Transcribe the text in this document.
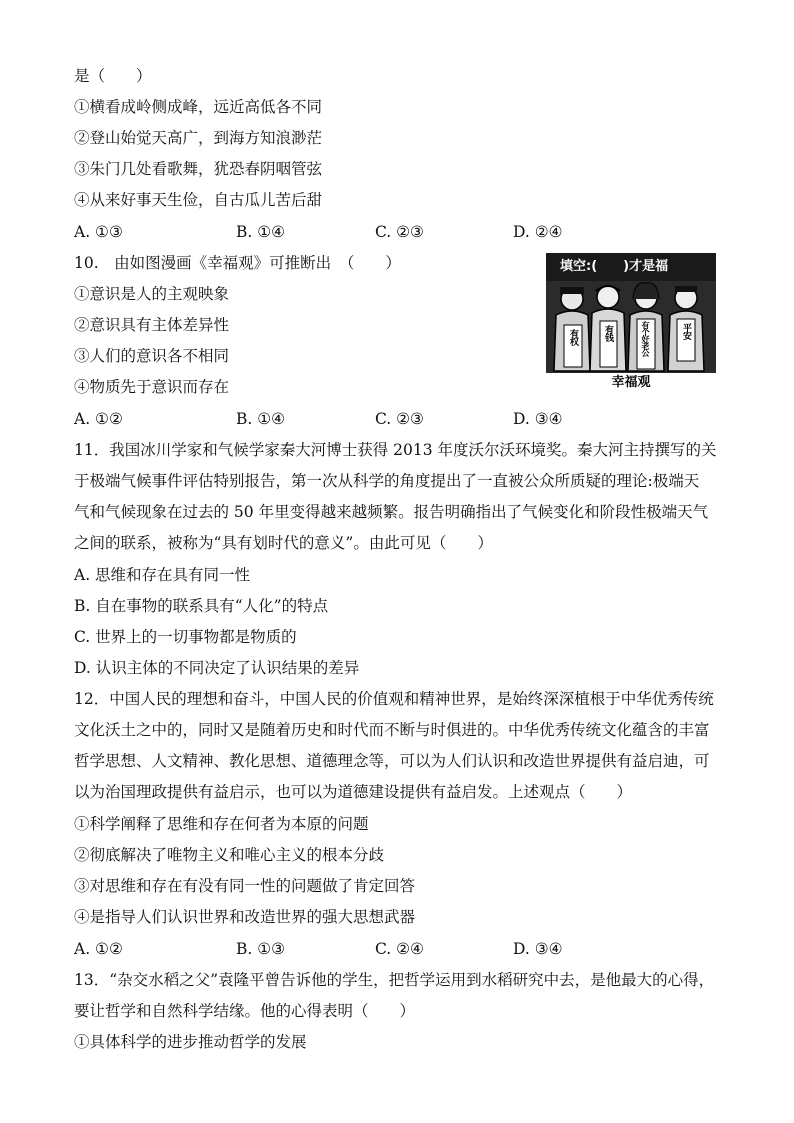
是（　　）
①横看成岭侧成峰，远近高低各不同
②登山始觉天高广，到海方知浪渺茫
③朱门几处看歌舞，犹恐春阴咽管弦
④从来好事天生俭，自古瓜儿苦后甜
A. ①③	B. ①④	C. ②③	D. ②④
10.　由如图漫画《幸福观》可推断出　（　　）
①意识是人的主观映象
②意识具有主体差异性
③人们的意识各不相同
④物质先于意识而存在
A. ①②	B. ①④	C. ②③	D. ③④
填空:(　　)才是福
有权	有钱	有个好老公	平安
幸福观
11．我国冰川学家和气候学家秦大河博士获得 2013 年度沃尔沃环境奖。秦大河主持撰写的关
于极端气候事件评估特别报告，第一次从科学的角度提出了一直被公众所质疑的理论:极端天
气和气候现象在过去的 50 年里变得越来越频繁。报告明确指出了气候变化和阶段性极端天气
之间的联系，被称为“具有划时代的意义”。由此可见（　　）
A. 思维和存在具有同一性
B. 自在事物的联系具有“人化”的特点
C. 世界上的一切事物都是物质的
D. 认识主体的不同决定了认识结果的差异
12．中国人民的理想和奋斗，中国人民的价值观和精神世界，是始终深深植根于中华优秀传统
文化沃土之中的，同时又是随着历史和时代而不断与时俱进的。中华优秀传统文化蕴含的丰富
哲学思想、人文精神、教化思想、道德理念等，可以为人们认识和改造世界提供有益启迪，可
以为治国理政提供有益启示，也可以为道德建设提供有益启发。上述观点（　　）
①科学阐释了思维和存在何者为本原的问题
②彻底解决了唯物主义和唯心主义的根本分歧
③对思维和存在有没有同一性的问题做了肯定回答
④是指导人们认识世界和改造世界的强大思想武器
A. ①②	B. ①③	C. ②④	D. ③④
13．“杂交水稻之父”袁隆平曾告诉他的学生，把哲学运用到水稻研究中去，是他最大的心得，
要让哲学和自然科学结缘。他的心得表明（　　）
①具体科学的进步推动哲学的发展
